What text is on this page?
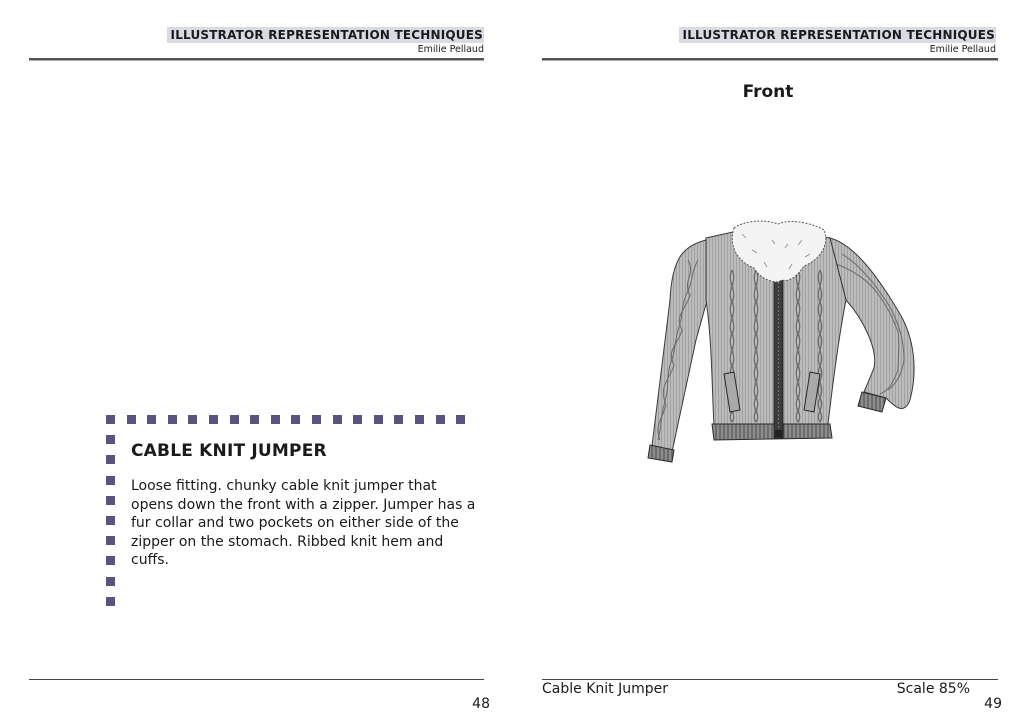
ILLUSTRATOR REPRESENTATION TECHNIQUES
Emilie Pellaud
CABLE KNIT JUMPER

Loose fitting. chunky cable knit jumper that opens down the front with a zipper. Jumper has a fur collar and two pockets on either side of the zipper on the stomach. Ribbed knit hem and cuffs.

48
ILLUSTRATOR REPRESENTATION TECHNIQUES
Emilie Pellaud
Front
Cable Knit Jumper	Scale 85%
49
